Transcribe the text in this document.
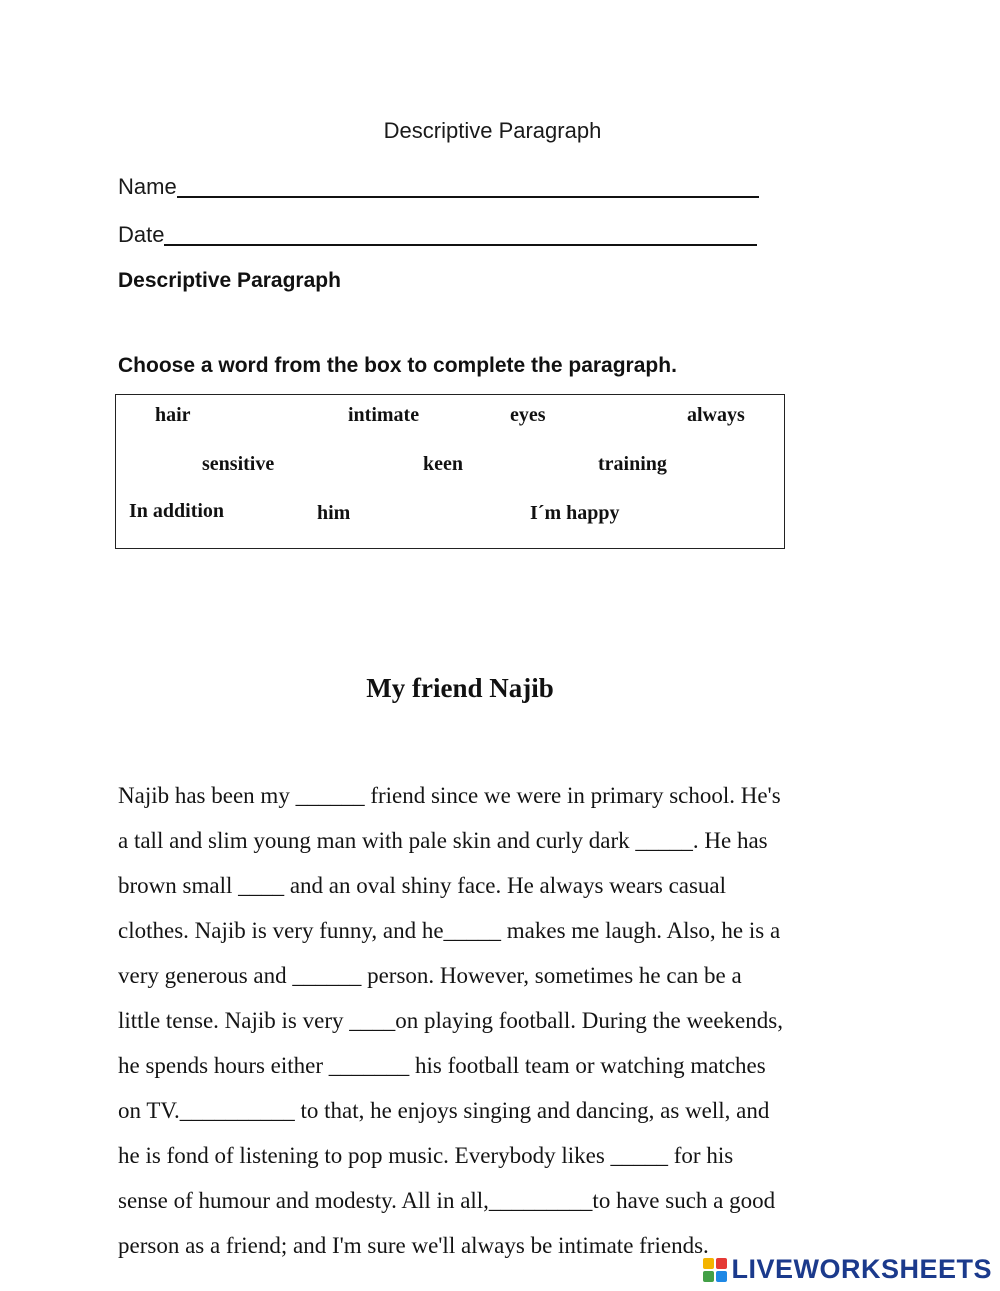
Descriptive Paragraph
Name
Date
Descriptive Paragraph
Choose a word from the box to complete the paragraph.
hair	intimate	eyes	always
sensitive	keen	training
In addition	him	I´m happy
My friend Najib
Najib has been my ______ friend since we were in primary school. He's
a tall and slim young man with pale skin and curly dark _____. He has
brown small ____ and an oval shiny face. He always wears casual
clothes. Najib is very funny, and he_____ makes me laugh. Also, he is a
very generous and ______ person. However, sometimes he can be a
little tense. Najib is very ____on playing football. During the weekends,
he spends hours either _______ his football team or watching matches
on TV.__________ to that, he enjoys singing and dancing, as well, and
he is fond of listening to pop music. Everybody likes _____ for his
sense of humour and modesty. All in all,_________to have such a good
person as a friend; and I'm sure we'll always be intimate friends.
LIVEWORKSHEETS
